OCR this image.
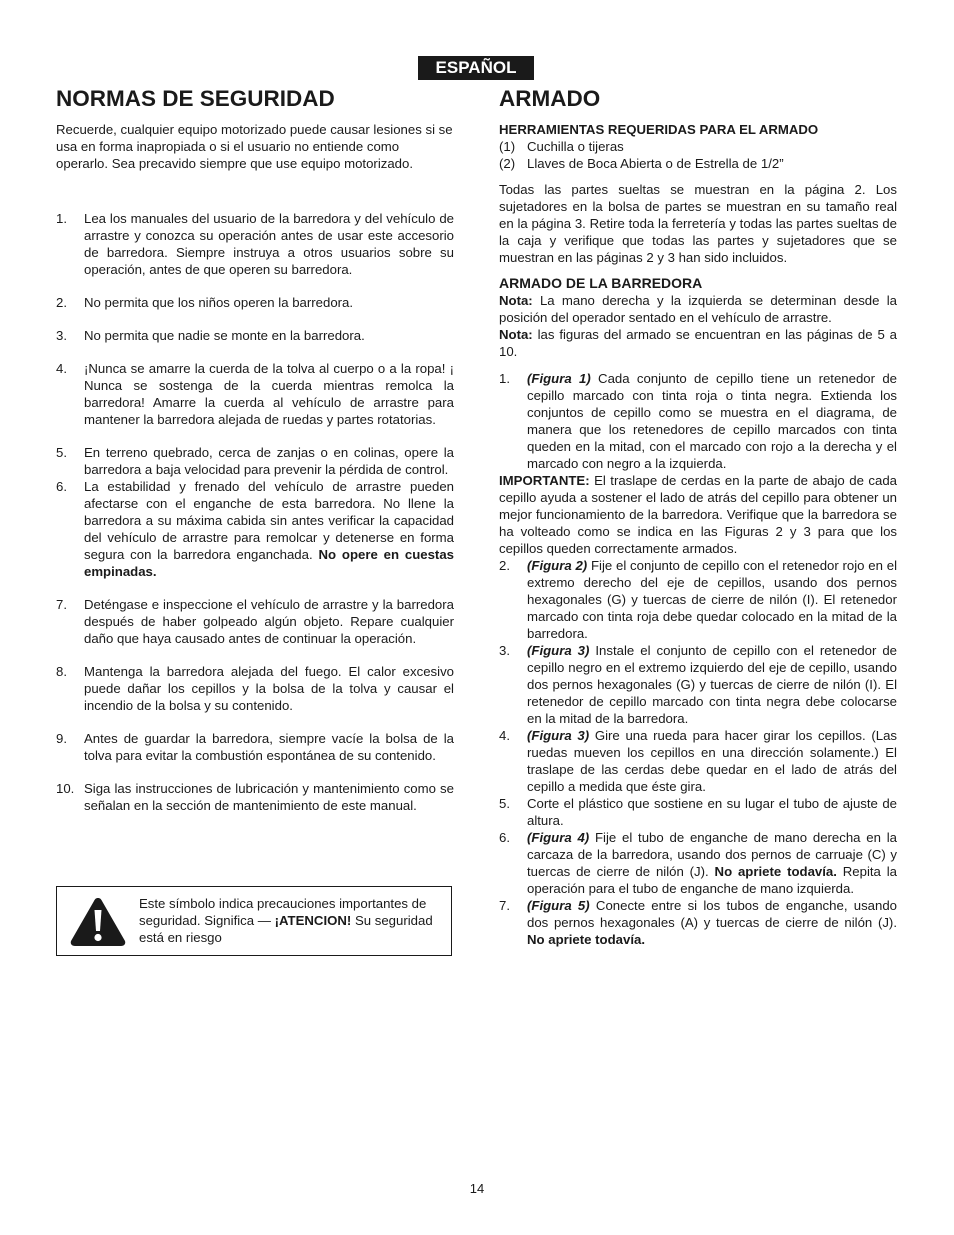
ESPAÑOL
NORMAS DE SEGURIDAD

Recuerde, cualquier equipo motorizado puede causar lesiones si se usa en forma inapropiada o si el usuario no entiende como operarlo. Sea precavido siempre que use equipo motorizado.

1. Lea los manuales del usuario de la barredora y del vehículo de arrastre y conozca su operación antes de usar este accesorio de barredora. Siempre instruya a otros usuarios sobre su operación, antes de que operen su barredora.
2. No permita que los niños operen la barredora.
3. No permita que nadie se monte en la barredora.
4. ¡Nunca se amarre la cuerda de la tolva al cuerpo o a la ropa! ¡ Nunca se sostenga de la cuerda mientras remolca la barredora! Amarre la cuerda al vehículo de arrastre para mantener la barredora alejada de ruedas y partes rotatorias.
5. En terreno quebrado, cerca de zanjas o en colinas, opere la barredora a baja velocidad para prevenir la pérdida de control.
6. La estabilidad y frenado del vehículo de arrastre pueden afectarse con el enganche de esta barredora. No llene la barredora a su máxima cabida sin antes verificar la capacidad del vehículo de arrastre para remolcar y detenerse en forma segura con la barredora enganchada. No opere en cuestas empinadas.
7. Deténgase e inspeccione el vehículo de arrastre y la barredora después de haber golpeado algún objeto. Repare cualquier daño que haya causado antes de continuar la operación.
8. Mantenga la barredora alejada del fuego. El calor excesivo puede dañar los cepillos y la bolsa de la tolva y causar el incendio de la bolsa y su contenido.
9. Antes de guardar la barredora, siempre vacíe la bolsa de la tolva para evitar la combustión espontánea de su contenido.
10. Siga las instrucciones de lubricación y mantenimiento como se señalan en la sección de mantenimiento de este manual.
Este símbolo indica precauciones importantes de seguridad. Significa — ¡ATENCION! Su seguridad está en riesgo
ARMADO

HERRAMIENTAS REQUERIDAS PARA EL ARMADO

(1) Cuchilla o tijeras
(2) Llaves de Boca Abierta o de Estrella de 1/2”

Todas las partes sueltas se muestran en la página 2. Los sujetadores en la bolsa de partes se muestran en su tamaño real en la página 3. Retire toda la ferretería y todas las partes sueltas de la caja y verifique que todas las partes y sujetadores que se muestran en las páginas 2 y 3 han sido incluidos.

ARMADO DE LA BARREDORA

Nota: La mano derecha y la izquierda se determinan desde la posición del operador sentado en el vehículo de arrastre.

Nota: las figuras del armado se encuentran en las páginas de 5 a 10.

1. (Figura 1) Cada conjunto de cepillo tiene un retenedor de cepillo marcado con tinta roja o tinta negra. Extienda los conjuntos de cepillo como se muestra en el diagrama, de manera que los retenedores de cepillo marcados con tinta queden en la mitad, con el marcado con rojo a la derecha y el marcado con negro a la izquierda.

IMPORTANTE: El traslape de cerdas en la parte de abajo de cada cepillo ayuda a sostener el lado de atrás del cepillo para obtener un mejor funcionamiento de la barredora. Verifique que la barredora se ha volteado como se indica en las Figuras 2 y 3 para que los cepillos queden correctamente armados.

2. (Figura 2) Fije el conjunto de cepillo con el retenedor rojo en el extremo derecho del eje de cepillos, usando dos pernos hexagonales (G) y tuercas de cierre de nilón (I). El retenedor marcado con tinta roja debe quedar colocado en la mitad de la barredora.
3. (Figura 3) Instale el conjunto de cepillo con el retenedor de cepillo negro en el extremo izquierdo del eje de cepillo, usando dos pernos hexagonales (G) y tuercas de cierre de nilón (I). El retenedor de cepillo marcado con tinta negra debe colocarse en la mitad de la barredora.
4. (Figura 3) Gire una rueda para hacer girar los cepillos. (Las ruedas mueven los cepillos en una dirección solamente.) El traslape de las cerdas debe quedar en el lado de atrás del cepillo a medida que éste gira.
5. Corte el plástico que sostiene en su lugar el tubo de ajuste de altura.
6. (Figura 4) Fije el tubo de enganche de mano derecha en la carcaza de la barredora, usando dos pernos de carruaje (C) y tuercas de cierre de nilón (J). No apriete todavía. Repita la operación para el tubo de enganche de mano izquierda.
7. (Figura 5) Conecte entre si los tubos de enganche, usando dos pernos hexagonales (A) y tuercas de cierre de nilón (J). No apriete todavía.
14
